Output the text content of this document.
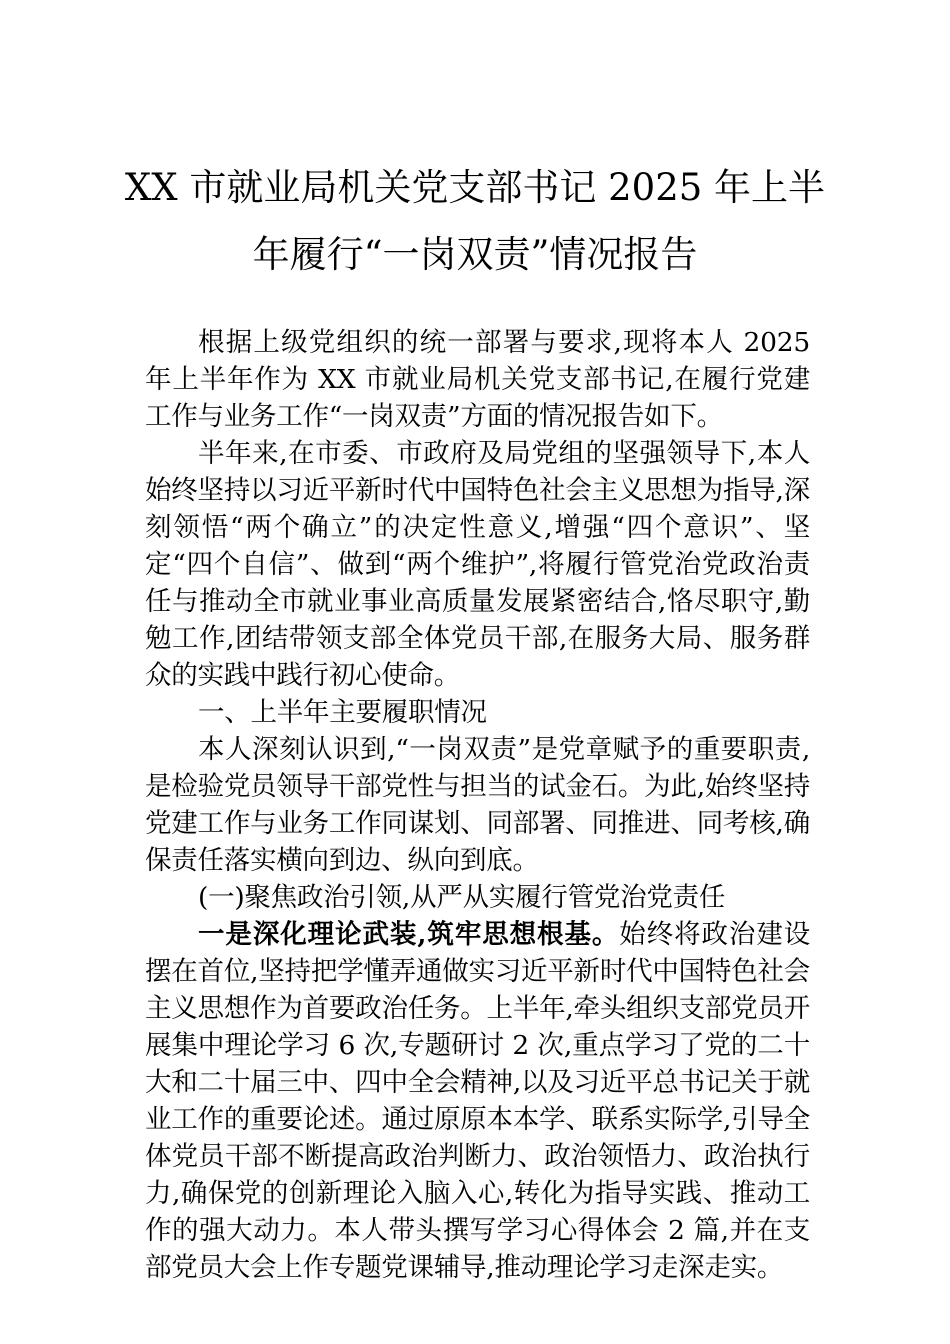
XX 市就业局机关党支部书记 2025 年上半
年履行“一岗双责”情况报告

根据上级党组织的统一部署与要求,现将本人 2025 年上半年作为 XX 市就业局机关党支部书记,在履行党建工作与业务工作“一岗双责”方面的情况报告如下。

半年来,在市委、市政府及局党组的坚强领导下,本人始终坚持以习近平新时代中国特色社会主义思想为指导,深刻领悟“两个确立”的决定性意义,增强“四个意识”、坚定“四个自信”、做到“两个维护”,将履行管党治党政治责任与推动全市就业事业高质量发展紧密结合,恪尽职守,勤勉工作,团结带领支部全体党员干部,在服务大局、服务群众的实践中践行初心使命。

一、上半年主要履职情况

本人深刻认识到,“一岗双责”是党章赋予的重要职责,是检验党员领导干部党性与担当的试金石。为此,始终坚持党建工作与业务工作同谋划、同部署、同推进、同考核,确保责任落实横向到边、纵向到底。

(一)聚焦政治引领,从严从实履行管党治党责任

一是深化理论武装,筑牢思想根基。始终将政治建设摆在首位,坚持把学懂弄通做实习近平新时代中国特色社会主义思想作为首要政治任务。上半年,牵头组织支部党员开展集中理论学习 6 次,专题研讨 2 次,重点学习了党的二十大和二十届三中、四中全会精神,以及习近平总书记关于就业工作的重要论述。通过原原本本学、联系实际学,引导全体党员干部不断提高政治判断力、政治领悟力、政治执行力,确保党的创新理论入脑入心,转化为指导实践、推动工作的强大动力。本人带头撰写学习心得体会 2 篇,并在支部党员大会上作专题党课辅导,推动理论学习走深走实。
